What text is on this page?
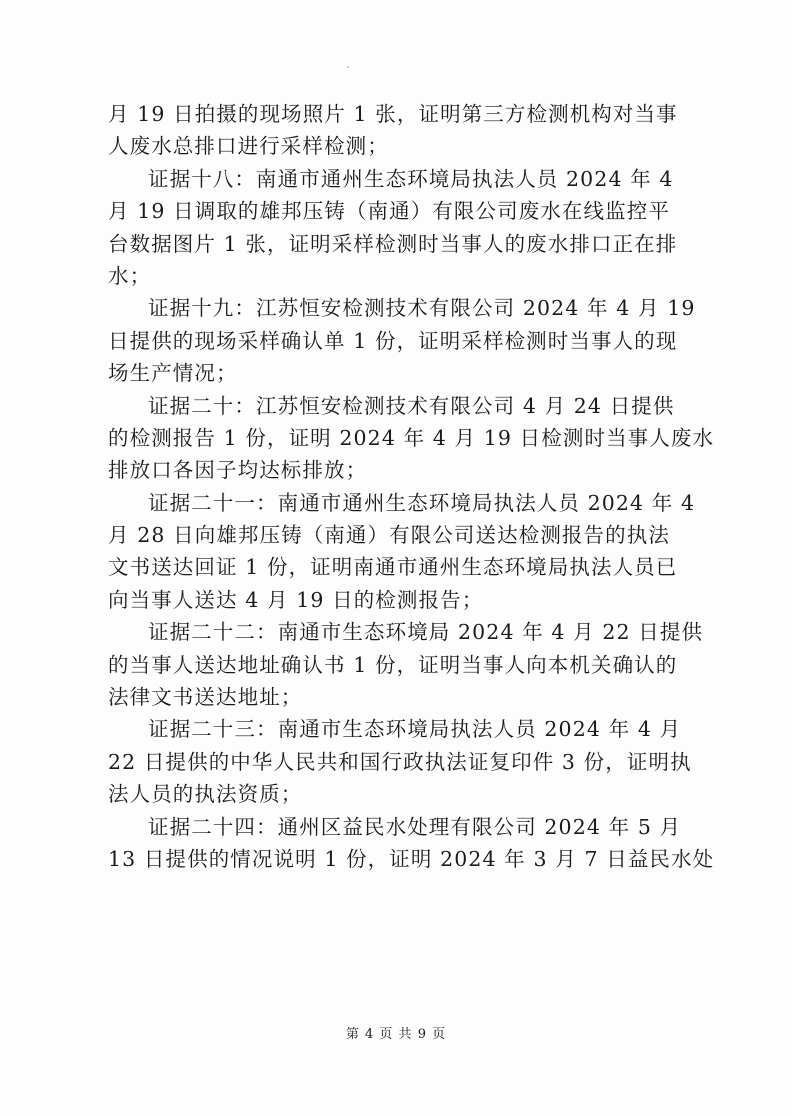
月 19 日拍摄的现场照片 1 张，证明第三方检测机构对当事
人废水总排口进行采样检测；
证据十八：南通市通州生态环境局执法人员 2024 年 4
月 19 日调取的雄邦压铸（南通）有限公司废水在线监控平
台数据图片 1 张，证明采样检测时当事人的废水排口正在排
水；
证据十九：江苏恒安检测技术有限公司 2024 年 4 月 19
日提供的现场采样确认单 1 份，证明采样检测时当事人的现
场生产情况；
证据二十：江苏恒安检测技术有限公司 4 月 24 日提供
的检测报告 1 份，证明 2024 年 4 月 19 日检测时当事人废水
排放口各因子均达标排放；
证据二十一：南通市通州生态环境局执法人员 2024 年 4
月 28 日向雄邦压铸（南通）有限公司送达检测报告的执法
文书送达回证 1 份，证明南通市通州生态环境局执法人员已
向当事人送达 4 月 19 日的检测报告；
证据二十二：南通市生态环境局 2024 年 4 月 22 日提供
的当事人送达地址确认书 1 份，证明当事人向本机关确认的
法律文书送达地址；
证据二十三：南通市生态环境局执法人员 2024 年 4 月
22 日提供的中华人民共和国行政执法证复印件 3 份，证明执
法人员的执法资质；
证据二十四：通州区益民水处理有限公司 2024 年 5 月
13 日提供的情况说明 1 份，证明 2024 年 3 月 7 日益民水处
第 4 页 共 9 页
